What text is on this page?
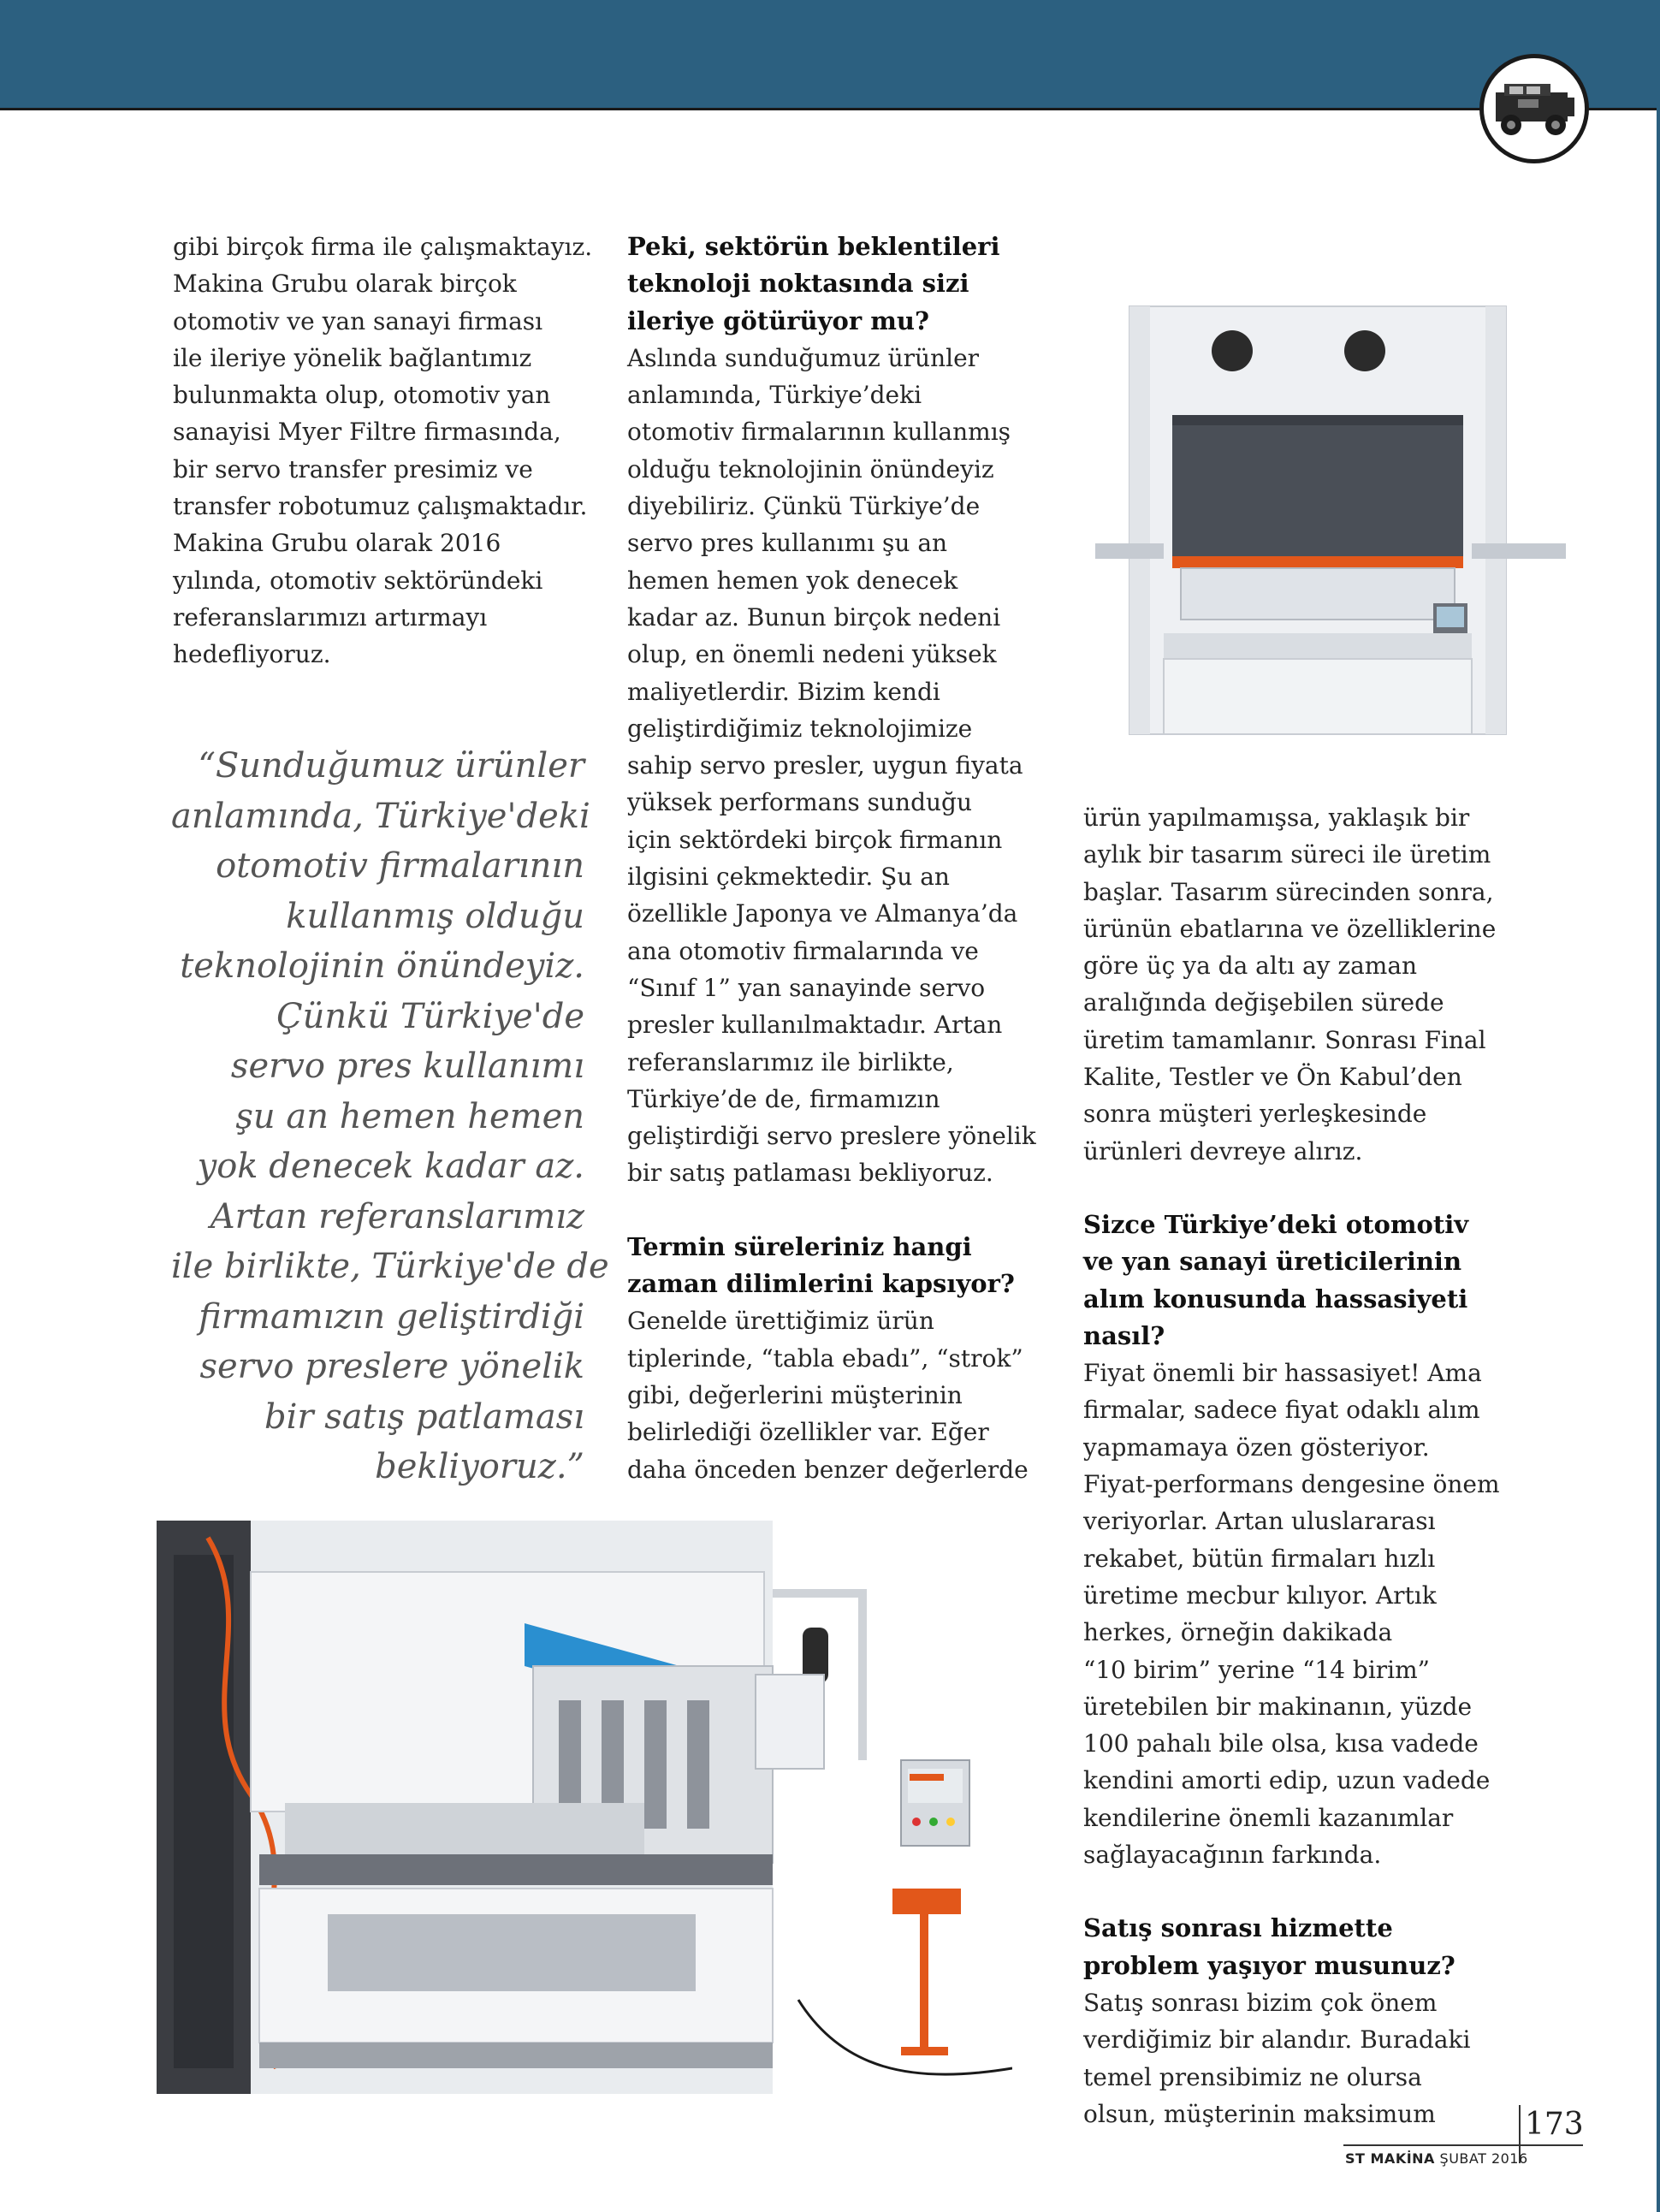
gibi birçok firma ile çalışmaktayız.
Makina Grubu olarak birçok
otomotiv ve yan sanayi firması
ile ileriye yönelik bağlantımız
bulunmakta olup, otomotiv yan
sanayisi Myer Filtre firmasında,
bir servo transfer presimiz ve
transfer robotumuz çalışmaktadır.
Makina Grubu olarak 2016
yılında, otomotiv sektöründeki
referanslarımızı artırmayı
hedefliyoruz.

“Sunduğumuz ürünler
anlamında, Türkiye'deki
otomotiv firmalarının
kullanmış olduğu
teknolojinin önündeyiz.
Çünkü Türkiye'de
servo pres kullanımı
şu an hemen hemen
yok denecek kadar az.
Artan referanslarımız
ile birlikte, Türkiye'de de
firmamızın geliştirdiği
servo preslere yönelik
bir satış patlaması
bekliyoruz.”
Peki, sektörün beklentileri
teknoloji noktasında sizi
ileriye götürüyor mu?

Aslında sunduğumuz ürünler
anlamında, Türkiye’deki
otomotiv firmalarının kullanmış
olduğu teknolojinin önündeyiz
diyebiliriz. Çünkü Türkiye’de
servo pres kullanımı şu an
hemen hemen yok denecek
kadar az. Bunun birçok nedeni
olup, en önemli nedeni yüksek
maliyetlerdir. Bizim kendi
geliştirdiğimiz teknolojimize
sahip servo presler, uygun fiyata
yüksek performans sunduğu
için sektördeki birçok firmanın
ilgisini çekmektedir. Şu an
özellikle Japonya ve Almanya’da
ana otomotiv firmalarında ve
“Sınıf 1” yan sanayinde servo
presler kullanılmaktadır. Artan
referanslarımız ile birlikte,
Türkiye’de de, firmamızın
geliştirdiği servo preslere yönelik
bir satış patlaması bekliyoruz.

Termin süreleriniz hangi
zaman dilimlerini kapsıyor?

Genelde ürettiğimiz ürün
tiplerinde, “tabla ebadı”, “strok”
gibi, değerlerini müşterinin
belirlediği özellikler var. Eğer
daha önceden benzer değerlerde

ürün yapılmamışsa, yaklaşık bir
aylık bir tasarım süreci ile üretim
başlar. Tasarım sürecinden sonra,
ürünün ebatlarına ve özelliklerine
göre üç ya da altı ay zaman
aralığında değişebilen sürede
üretim tamamlanır. Sonrası Final
Kalite, Testler ve Ön Kabul’den
sonra müşteri yerleşkesinde
ürünleri devreye alırız.

Sizce Türkiye’deki otomotiv
ve yan sanayi üreticilerinin
alım konusunda hassasiyeti
nasıl?

Fiyat önemli bir hassasiyet! Ama
firmalar, sadece fiyat odaklı alım
yapmamaya özen gösteriyor.
Fiyat-performans dengesine önem
veriyorlar. Artan uluslararası
rekabet, bütün firmaları hızlı
üretime mecbur kılıyor. Artık
herkes, örneğin dakikada
“10 birim” yerine “14 birim”
üretebilen bir makinanın, yüzde
100 pahalı bile olsa, kısa vadede
kendini amorti edip, uzun vadede
kendilerine önemli kazanımlar
sağlayacağının farkında.

Satış sonrası hizmette
problem yaşıyor musunuz?

Satış sonrası bizim çok önem
verdiğimiz bir alandır. Buradaki
temel prensibimiz ne olursa
olsun, müşterinin maksimum	173
ST MAKİNA ŞUBAT 2016
